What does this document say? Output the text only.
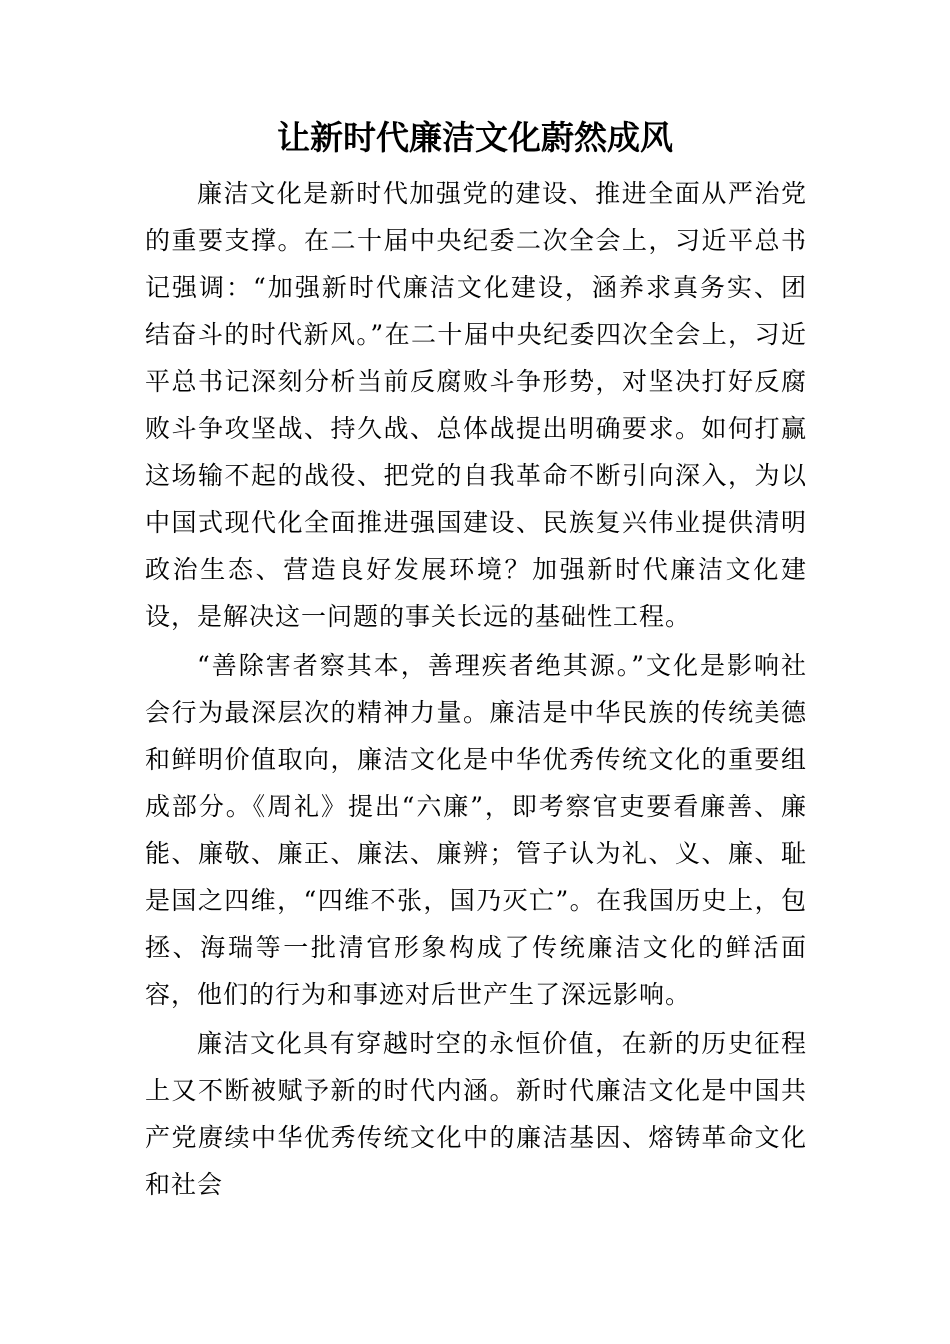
让新时代廉洁文化蔚然成风

廉洁文化是新时代加强党的建设、推进全面从严治党的重要支撑。在二十届中央纪委二次全会上，习近平总书记强调：“加强新时代廉洁文化建设，涵养求真务实、团结奋斗的时代新风。”在二十届中央纪委四次全会上，习近平总书记深刻分析当前反腐败斗争形势，对坚决打好反腐败斗争攻坚战、持久战、总体战提出明确要求。如何打赢这场输不起的战役、把党的自我革命不断引向深入，为以中国式现代化全面推进强国建设、民族复兴伟业提供清明政治生态、营造良好发展环境？加强新时代廉洁文化建设，是解决这一问题的事关长远的基础性工程。

“善除害者察其本，善理疾者绝其源。”文化是影响社会行为最深层次的精神力量。廉洁是中华民族的传统美德和鲜明价值取向，廉洁文化是中华优秀传统文化的重要组成部分。《周礼》提出“六廉”，即考察官吏要看廉善、廉能、廉敬、廉正、廉法、廉辨；管子认为礼、义、廉、耻是国之四维，“四维不张，国乃灭亡”。在我国历史上，包拯、海瑞等一批清官形象构成了传统廉洁文化的鲜活面容，他们的行为和事迹对后世产生了深远影响。

廉洁文化具有穿越时空的永恒价值，在新的历史征程上又不断被赋予新的时代内涵。新时代廉洁文化是中国共产党赓续中华优秀传统文化中的廉洁基因、熔铸革命文化和社会
